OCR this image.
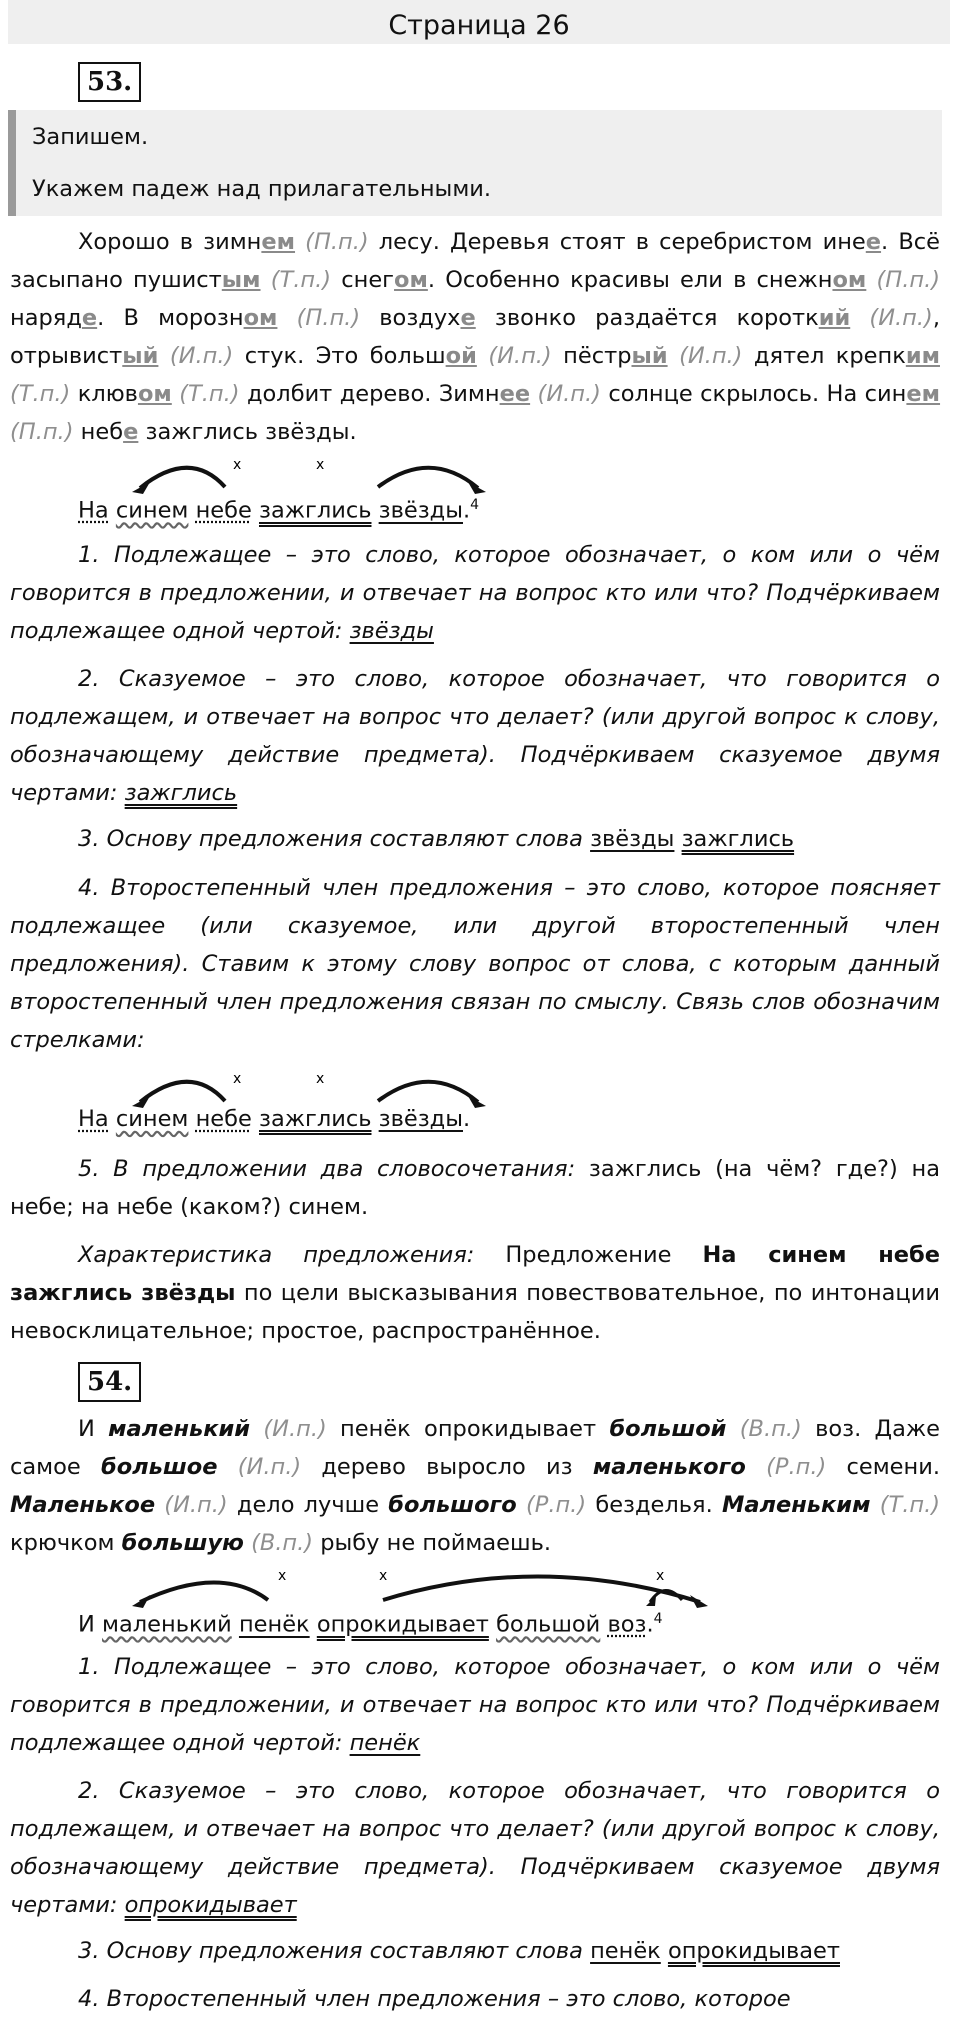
Страница 26
53.
Запишем.
Укажем падеж над прилагательными.
Хорошо в зимнем (П.п.) лесу. Деревья стоят в серебристом инее. Всё засыпано пушистым (Т.п.) снегом. Особенно красивы ели в снежном (П.п.) наряде. В морозном (П.п.) воздухе звонко раздаётся короткий (И.п.), отрывистый (И.п.) стук. Это большой (И.п.) пёстрый (И.п.) дятел крепким (Т.п.) клювом (Т.п.) долбит дерево. Зимнее (И.п.) солнце скрылось. На синем (П.п.) небе зажглись звёзды.
x	x
На синем небе зажглись звёзды.$^4$
1. Подлежащее – это слово, которое обозначает, о ком или о чём говорится в предложении, и отвечает на вопрос кто или что? Подчёркиваем подлежащее одной чертой: звёзды
2. Сказуемое – это слово, которое обозначает, что говорится о подлежащем, и отвечает на вопрос что делает? (или другой вопрос к слову, обозначающему действие предмета). Подчёркиваем сказуемое двумя чертами: зажглись
3. Основу предложения составляют слова звёзды зажглись
4. Второстепенный член предложения – это слово, которое поясняет подлежащее (или сказуемое, или другой второстепенный член предложения). Ставим к этому слову вопрос от слова, с которым данный второстепенный член предложения связан по смыслу. Связь слов обозначим стрелками:
x	x
На синем небе зажглись звёзды.
5. В предложении два словосочетания: зажглись (на чём? где?) на небе; на небе (каком?) синем.
Характеристика предложения: Предложение На синем небе зажглись звёзды по цели высказывания повествовательное, по интонации невосклицательное; простое, распространённое.
54.
И маленький (И.п.) пенёк опрокидывает большой (В.п.) воз. Даже самое большое (И.п.) дерево выросло из маленького (Р.п.) семени. Маленькое (И.п.) дело лучше большого (Р.п.) безделья. Маленьким (Т.п.) крючком большую (В.п.) рыбу не поймаешь.
x	x	x
И маленький пенёк опрокидывает большой воз.$^4$
1. Подлежащее – это слово, которое обозначает, о ком или о чём говорится в предложении, и отвечает на вопрос кто или что? Подчёркиваем подлежащее одной чертой: пенёк
2. Сказуемое – это слово, которое обозначает, что говорится о подлежащем, и отвечает на вопрос что делает? (или другой вопрос к слову, обозначающему действие предмета). Подчёркиваем сказуемое двумя чертами: опрокидывает
3. Основу предложения составляют слова пенёк опрокидывает
4. Второстепенный член предложения – это слово, которое
